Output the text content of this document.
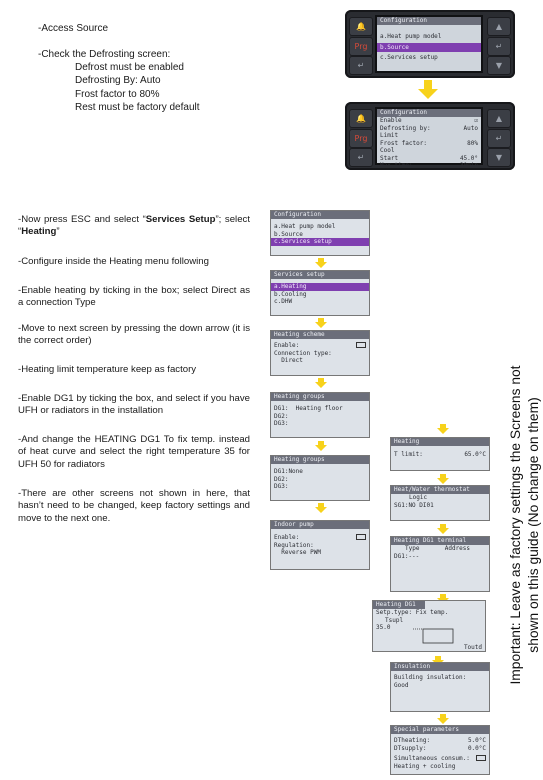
-Access Source
-Check the Defrosting screen:
Defrost must be enabled
Defrosting By: Auto
Frost factor to 80%
Rest must be factory default
🔔
Prg
↵
▲
↵
▼
Configuration
a.Heat pump model
b.Source
c.Services setup
🔔
Prg
↵
▲
↵
▼
Configuration
Enable	☑
Defrosting by:	Auto
Limit
Frost factor:	80%
Cool
Start	45.0°
Max.time:	30min
-Now press ESC and select “Services Setup”; select “Heating”
-Configure inside the Heating menu following
-Enable heating by ticking in the box; select Direct as a connection Type
-Move to next screen by pressing the down arrow (it is the correct order)
-Heating limit temperature keep as factory
-Enable DG1 by ticking the box, and select if you have UFH or radiators in the installation
-And change the HEATING DG1 To fix temp. instead of heat curve and select the right temperature 35 for UFH 50 for radiators
-There are other screens not shown in here, that hasn’t need to be changed, keep factory settings and move to the next one.
Configuration
a.Heat pump model
b.Source
c.Services setup
Services setup
a.Heating
b.Cooling
c.DHW
Heating scheme
Enable:
Connection type:
Direct
Heating groups
DG1:  Heating floor
DG2:
DG3:
Heating groups
DG1:None
DG2:
DG3:
Indoor pump
Enable:
Regulation:
Reverse PWM
Heating
T limit:	65.0°C
Heat/Water thermostat
Logic
SG1:NO DI01
Heating DG1 terminal
Type       Address
DG1:---
Heating DG1
Setp.type: Fix temp.
Tsupl
35.0
Toutd
Insulation
Building insulation:
Good
Special parameters
DTheating:	5.0°C
DTsupply:	0.0°C
Simultaneous consum.:
Heating + cooling
Important: Leave as factory settings the Screens not shown on this guide (No change on them)
